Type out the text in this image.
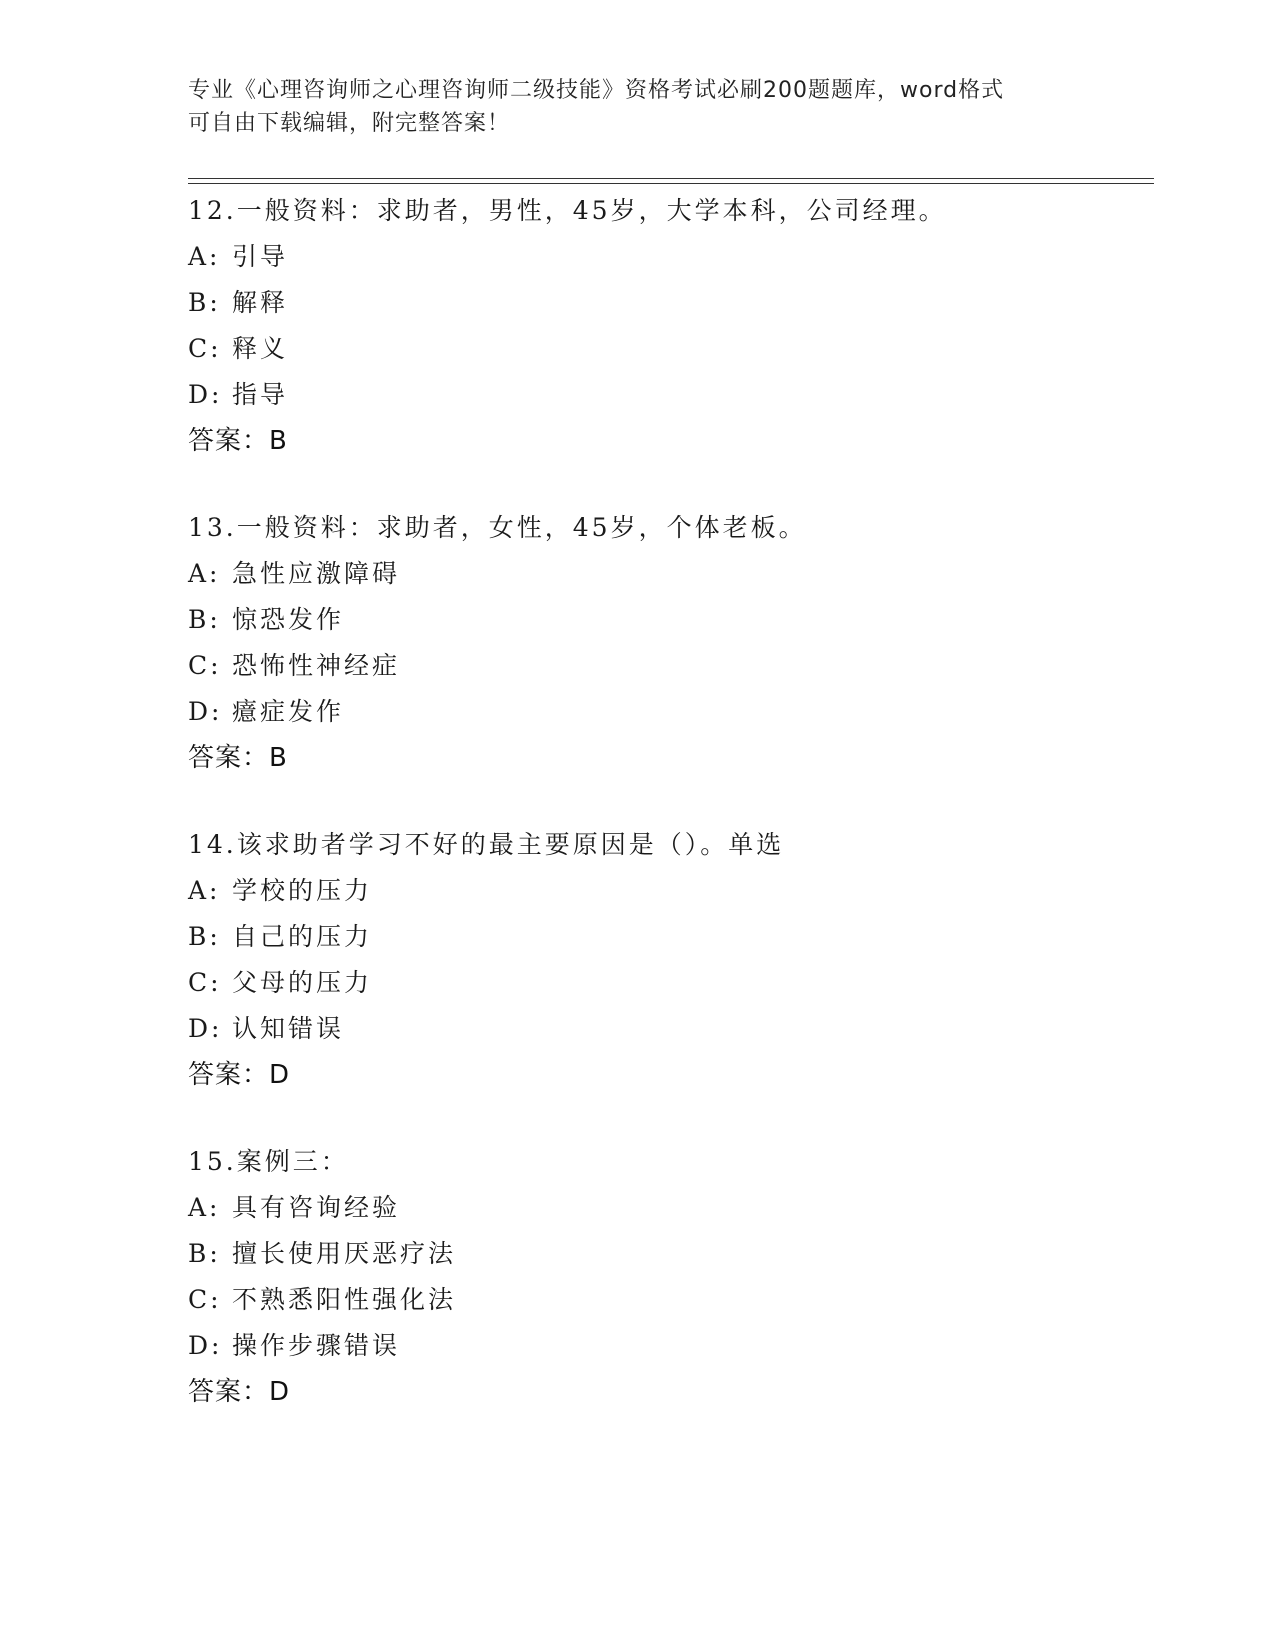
专业《心理咨询师之心理咨询师二级技能》资格考试必刷200题题库，word格式
可自由下载编辑，附完整答案！
12.一般资料：求助者，男性，45岁，大学本科，公司经理。
A: 引导
B: 解释
C: 释义
D: 指导
答案：B
13.一般资料：求助者，女性，45岁，个体老板。
A: 急性应激障碍
B: 惊恐发作
C: 恐怖性神经症
D: 癔症发作
答案：B
14.该求助者学习不好的最主要原因是（）。单选
A: 学校的压力
B: 自己的压力
C: 父母的压力
D: 认知错误
答案：D
15.案例三：
A: 具有咨询经验
B: 擅长使用厌恶疗法
C: 不熟悉阳性强化法
D: 操作步骤错误
答案：D
